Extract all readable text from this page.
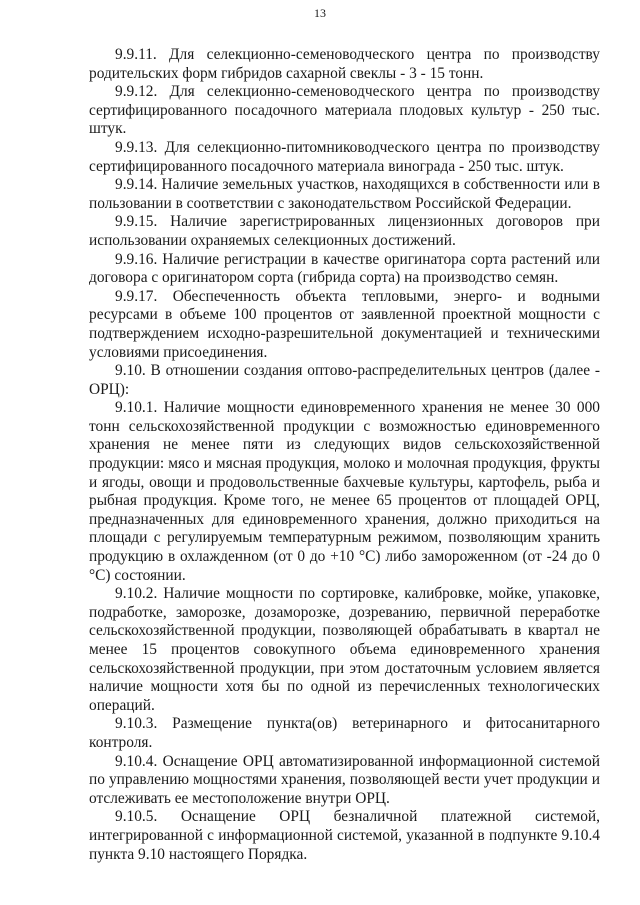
13

9.9.11. Для селекционно-семеноводческого центра по производству родительских форм гибридов сахарной свеклы - 3 - 15 тонн.

9.9.12. Для селекционно-семеноводческого центра по производству сертифицированного посадочного материала плодовых культур - 250 тыс. штук.

9.9.13. Для селекционно-питомниководческого центра по производству сертифицированного посадочного материала винограда - 250 тыс. штук.

9.9.14. Наличие земельных участков, находящихся в собственности или в пользовании в соответствии с законодательством Российской Федерации.

9.9.15. Наличие зарегистрированных лицензионных договоров при использовании охраняемых селекционных достижений.

9.9.16. Наличие регистрации в качестве оригинатора сорта растений или договора с оригинатором сорта (гибрида сорта) на производство семян.

9.9.17. Обеспеченность объекта тепловыми, энерго- и водными ресурсами в объеме 100 процентов от заявленной проектной мощности с подтверждением исходно-разрешительной документацией и техническими условиями присоединения.

9.10. В отношении создания оптово-распределительных центров (далее - ОРЦ):

9.10.1. Наличие мощности единовременного хранения не менее 30 000 тонн сельскохозяйственной продукции с возможностью единовременного хранения не менее пяти из следующих видов сельскохозяйственной продукции: мясо и мясная продукция, молоко и молочная продукция, фрукты и ягоды, овощи и продовольственные бахчевые культуры, картофель, рыба и рыбная продукция. Кроме того, не менее 65 процентов от площадей ОРЦ, предназначенных для единовременного хранения, должно приходиться на площади с регулируемым температурным режимом, позволяющим хранить продукцию в охлажденном (от 0 до +10 °C) либо замороженном (от -24 до 0 °C) состоянии.

9.10.2. Наличие мощности по сортировке, калибровке, мойке, упаковке, подработке, заморозке, дозаморозке, дозреванию, первичной переработке сельскохозяйственной продукции, позволяющей обрабатывать в квартал не менее 15 процентов совокупного объема единовременного хранения сельскохозяйственной продукции, при этом достаточным условием является наличие мощности хотя бы по одной из перечисленных технологических операций.

9.10.3. Размещение пункта(ов) ветеринарного и фитосанитарного контроля.

9.10.4. Оснащение ОРЦ автоматизированной информационной системой по управлению мощностями хранения, позволяющей вести учет продукции и отслеживать ее местоположение внутри ОРЦ.

9.10.5. Оснащение ОРЦ безналичной платежной системой, интегрированной с информационной системой, указанной в подпункте 9.10.4 пункта 9.10 настоящего Порядка.
